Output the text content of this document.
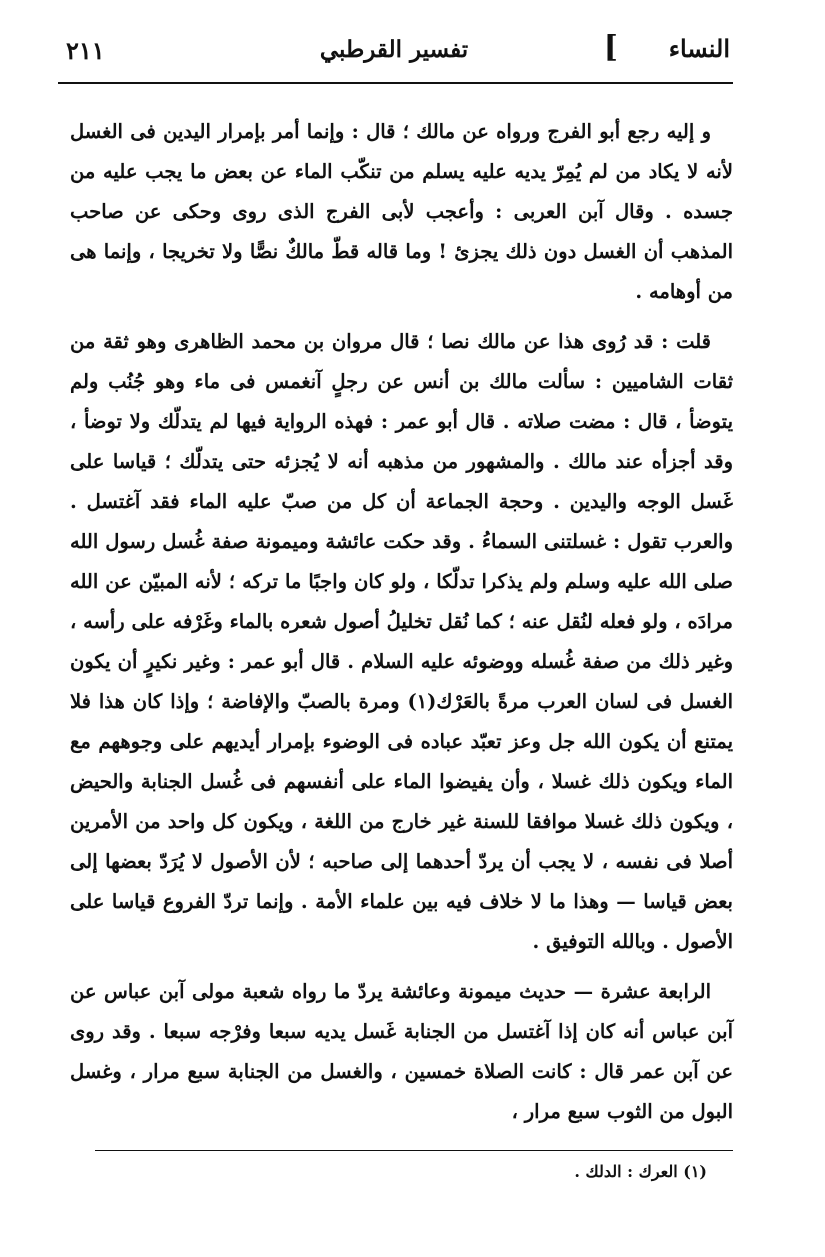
النساء
]
تفسير القرطبي
٢١١

و إليه رجع أبو الفرج ورواه عن مالك ؛ قال : وإنما أمر بإمرار اليدين فى الغسل لأنه لا يكاد من لم يُمِرّ يديه عليه يسلم من تنكّب الماء عن بعض ما يجب عليه من جسده . وقال آبن العربى : وأعجب لأبى الفرج الذى روى وحكى عن صاحب المذهب أن الغسل دون ذلك يجزئ ! وما قاله قطّ مالكٌ نصًّا ولا تخريجا ، وإنما هى من أوهامه .

قلت : قد رُوى هذا عن مالك نصا ؛ قال مروان بن محمد الظاهرى وهو ثقة من ثقات الشاميين : سألت مالك بن أنس عن رجلٍ آنغمس فى ماء وهو جُنُب ولم يتوضأ ، قال : مضت صلاته . قال أبو عمر : فهذه الرواية فيها لم يتدلّك ولا توضأ ، وقد أجزأه عند مالك . والمشهور من مذهبه أنه لا يُجزئه حتى يتدلّك ؛ قياسا على غَسل الوجه واليدين . وحجة الجماعة أن كل من صبّ عليه الماء فقد آغتسل . والعرب تقول : غسلتنى السماءُ . وقد حكت عائشة وميمونة صفة غُسل رسول الله صلى الله عليه وسلم ولم يذكرا تدلّكا ، ولو كان واجبًا ما تركه ؛ لأنه المبيّن عن الله مرادَه ، ولو فعله لنُقل عنه ؛ كما نُقل تخليلُ أصول شعره بالماء وغَرْفه على رأسه ، وغير ذلك من صفة غُسله ووضوئه عليه السلام . قال أبو عمر : وغير نكيرٍ أن يكون الغسل فى لسان العرب مرةً بالعَرْك(١) ومرة بالصبّ والإفاضة ؛ وإذا كان هذا فلا يمتنع أن يكون الله جل وعز تعبّد عباده فى الوضوء بإمرار أيديهم على وجوههم مع الماء ويكون ذلك غسلا ، وأن يفيضوا الماء على أنفسهم فى غُسل الجنابة والحيض ، ويكون ذلك غسلا موافقا للسنة غير خارج من اللغة ، ويكون كل واحد من الأمرين أصلا فى نفسه ، لا يجب أن يردّ أحدهما إلى صاحبه ؛ لأن الأصول لا يُرَدّ بعضها إلى بعض قياسا — وهذا ما لا خلاف فيه بين علماء الأمة . وإنما تردّ الفروع قياسا على الأصول . وبالله التوفيق .

الرابعة عشرة — حديث ميمونة وعائشة يردّ ما رواه شعبة مولى آبن عباس عن آبن عباس أنه كان إذا آغتسل من الجنابة غَسل يديه سبعا وفرْجه سبعا . وقد روى عن آبن عمر قال : كانت الصلاة خمسين ، والغسل من الجنابة سبع مرار ، وغسل البول من الثوب سبع مرار ،

(١) العرك : الدلك .
